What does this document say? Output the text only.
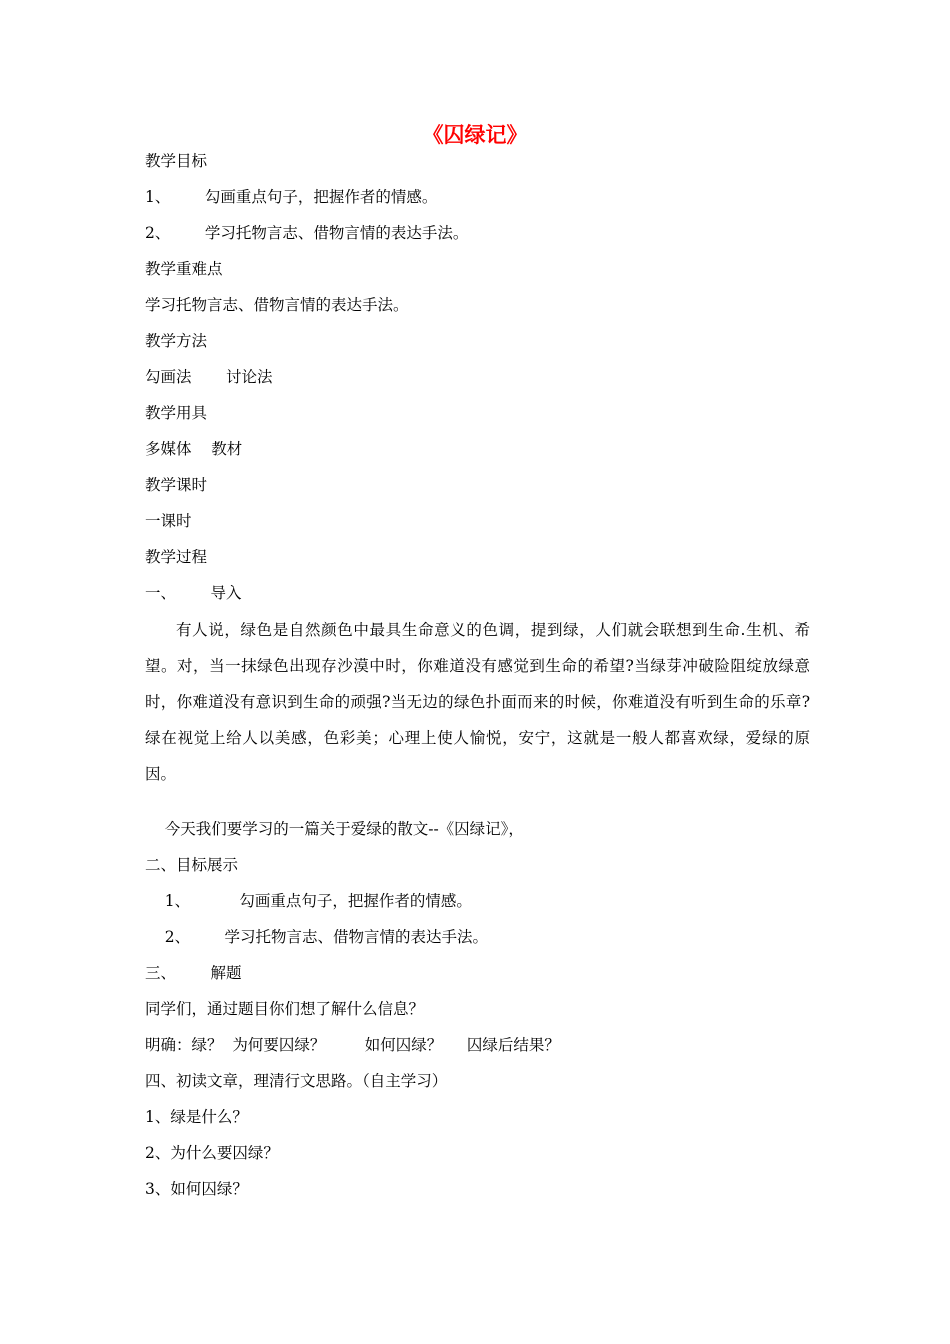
《囚绿记》

教学目标

1、       勾画重点句子，把握作者的情感。

2、       学习托物言志、借物言情的表达手法。

教学重难点

学习托物言志、借物言情的表达手法。

教学方法

勾画法       讨论法

教学用具

多媒体    教材

教学课时

一课时

教学过程

一、       导入

有人说，绿色是自然颜色中最具生命意义的色调，提到绿，人们就会联想到生命.生机、希望。对，当一抹绿色出现存沙漠中时，你难道没有感觉到生命的希望?当绿芽冲破险阻绽放绿意时，你难道没有意识到生命的顽强?当无边的绿色扑面而来的时候，你难道没有听到生命的乐章?绿在视觉上给人以美感，色彩美；心理上使人愉悦，安宁，这就是一般人都喜欢绿，爱绿的原因。

今天我们要学习的一篇关于爱绿的散文--《囚绿记》，

二、目标展示

1、          勾画重点句子，把握作者的情感。

2、       学习托物言志、借物言情的表达手法。

三、       解题

同学们，通过题目你们想了解什么信息？

明确：绿？  为何要囚绿？        如何囚绿？     囚绿后结果？

四、初读文章，理清行文思路。（自主学习）

1、绿是什么？

2、为什么要囚绿？

3、如何囚绿？
